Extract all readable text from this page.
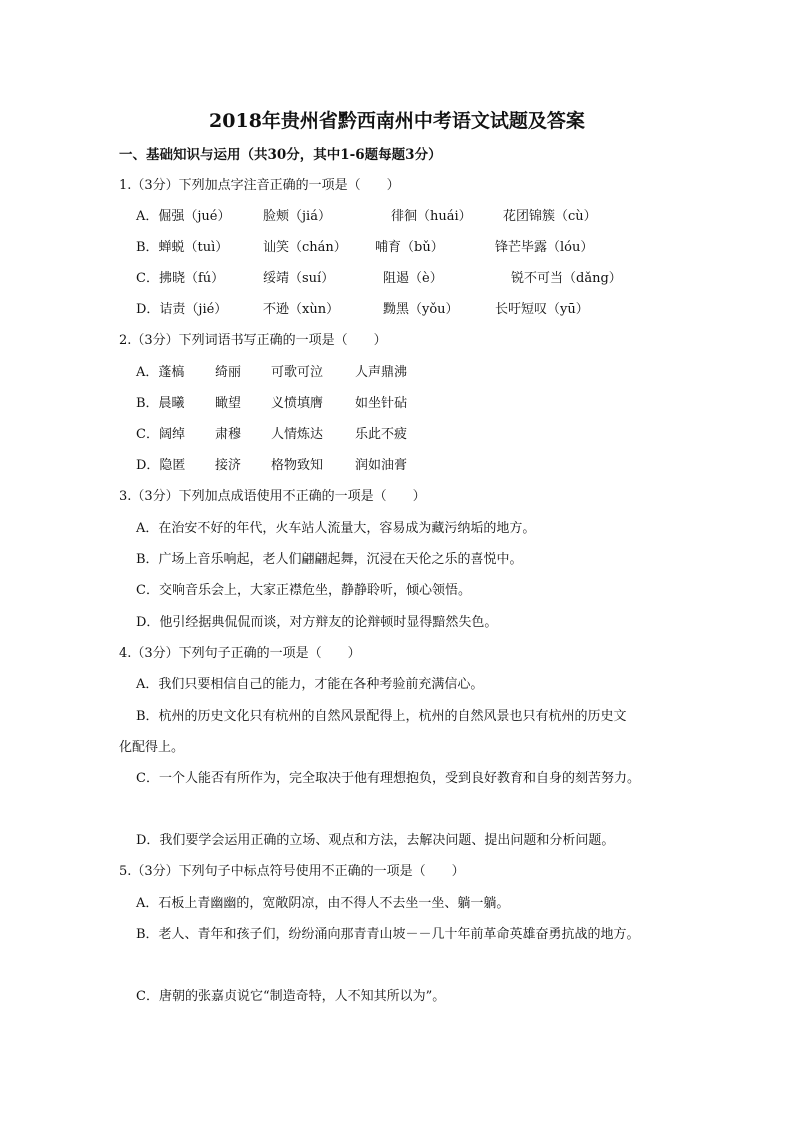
2018年贵州省黔西南州中考语文试题及答案
一、基础知识与运用（共30分，其中1-6题每题3分）
1.（3分）下列加点字注音正确的一项是（　　）
A．倔强（jué）	脸颊（jiá）	徘徊（huái） 花团锦簇（cù）
B．蝉蜕（tuì）	讪笑（chán） 哺育（bǔ）	锋芒毕露（lóu）
C．拂晓（fú）	绥靖（suí）	阻遏（è）	锐不可当（dǎng）
D．诘责（jié）	不逊（xùn）	黝黑（yǒu）	长吁短叹（yū）
2.（3分）下列词语书写正确的一项是（　　）
A．蓬槁 绮丽 可歌可泣 人声鼎沸
B．晨曦 瞰望 义愤填膺 如坐针砧
C．阔绰 肃穆 人情炼达 乐此不疲
D．隐匿 接济 格物致知 润如油膏
3.（3分）下列加点成语使用不正确的一项是（　　）
A．在治安不好的年代，火车站人流量大，容易成为藏污纳垢的地方。
B．广场上音乐响起，老人们翩翩起舞，沉浸在天伦之乐的喜悦中。
C．交响音乐会上，大家正襟危坐，静静聆听，倾心领悟。
D．他引经据典侃侃而谈，对方辩友的论辩顿时显得黯然失色。
4.（3分）下列句子正确的一项是（　　）
A．我们只要相信自己的能力，才能在各种考验前充满信心。
B．杭州的历史文化只有杭州的自然风景配得上，杭州的自然风景也只有杭州的历史文
化配得上。
C．一个人能否有所作为，完全取决于他有理想抱负，受到良好教育和自身的刻苦努力。
D．我们要学会运用正确的立场、观点和方法，去解决问题、提出问题和分析问题。
5.（3分）下列句子中标点符号使用不正确的一项是（　　）
A．石板上青幽幽的，宽敞阴凉，由不得人不去坐一坐、躺一躺。
B．老人、青年和孩子们，纷纷涌向那青青山坡－－几十年前革命英雄奋勇抗战的地方。
C．唐朝的张嘉贞说它“制造奇特，人不知其所以为”。
